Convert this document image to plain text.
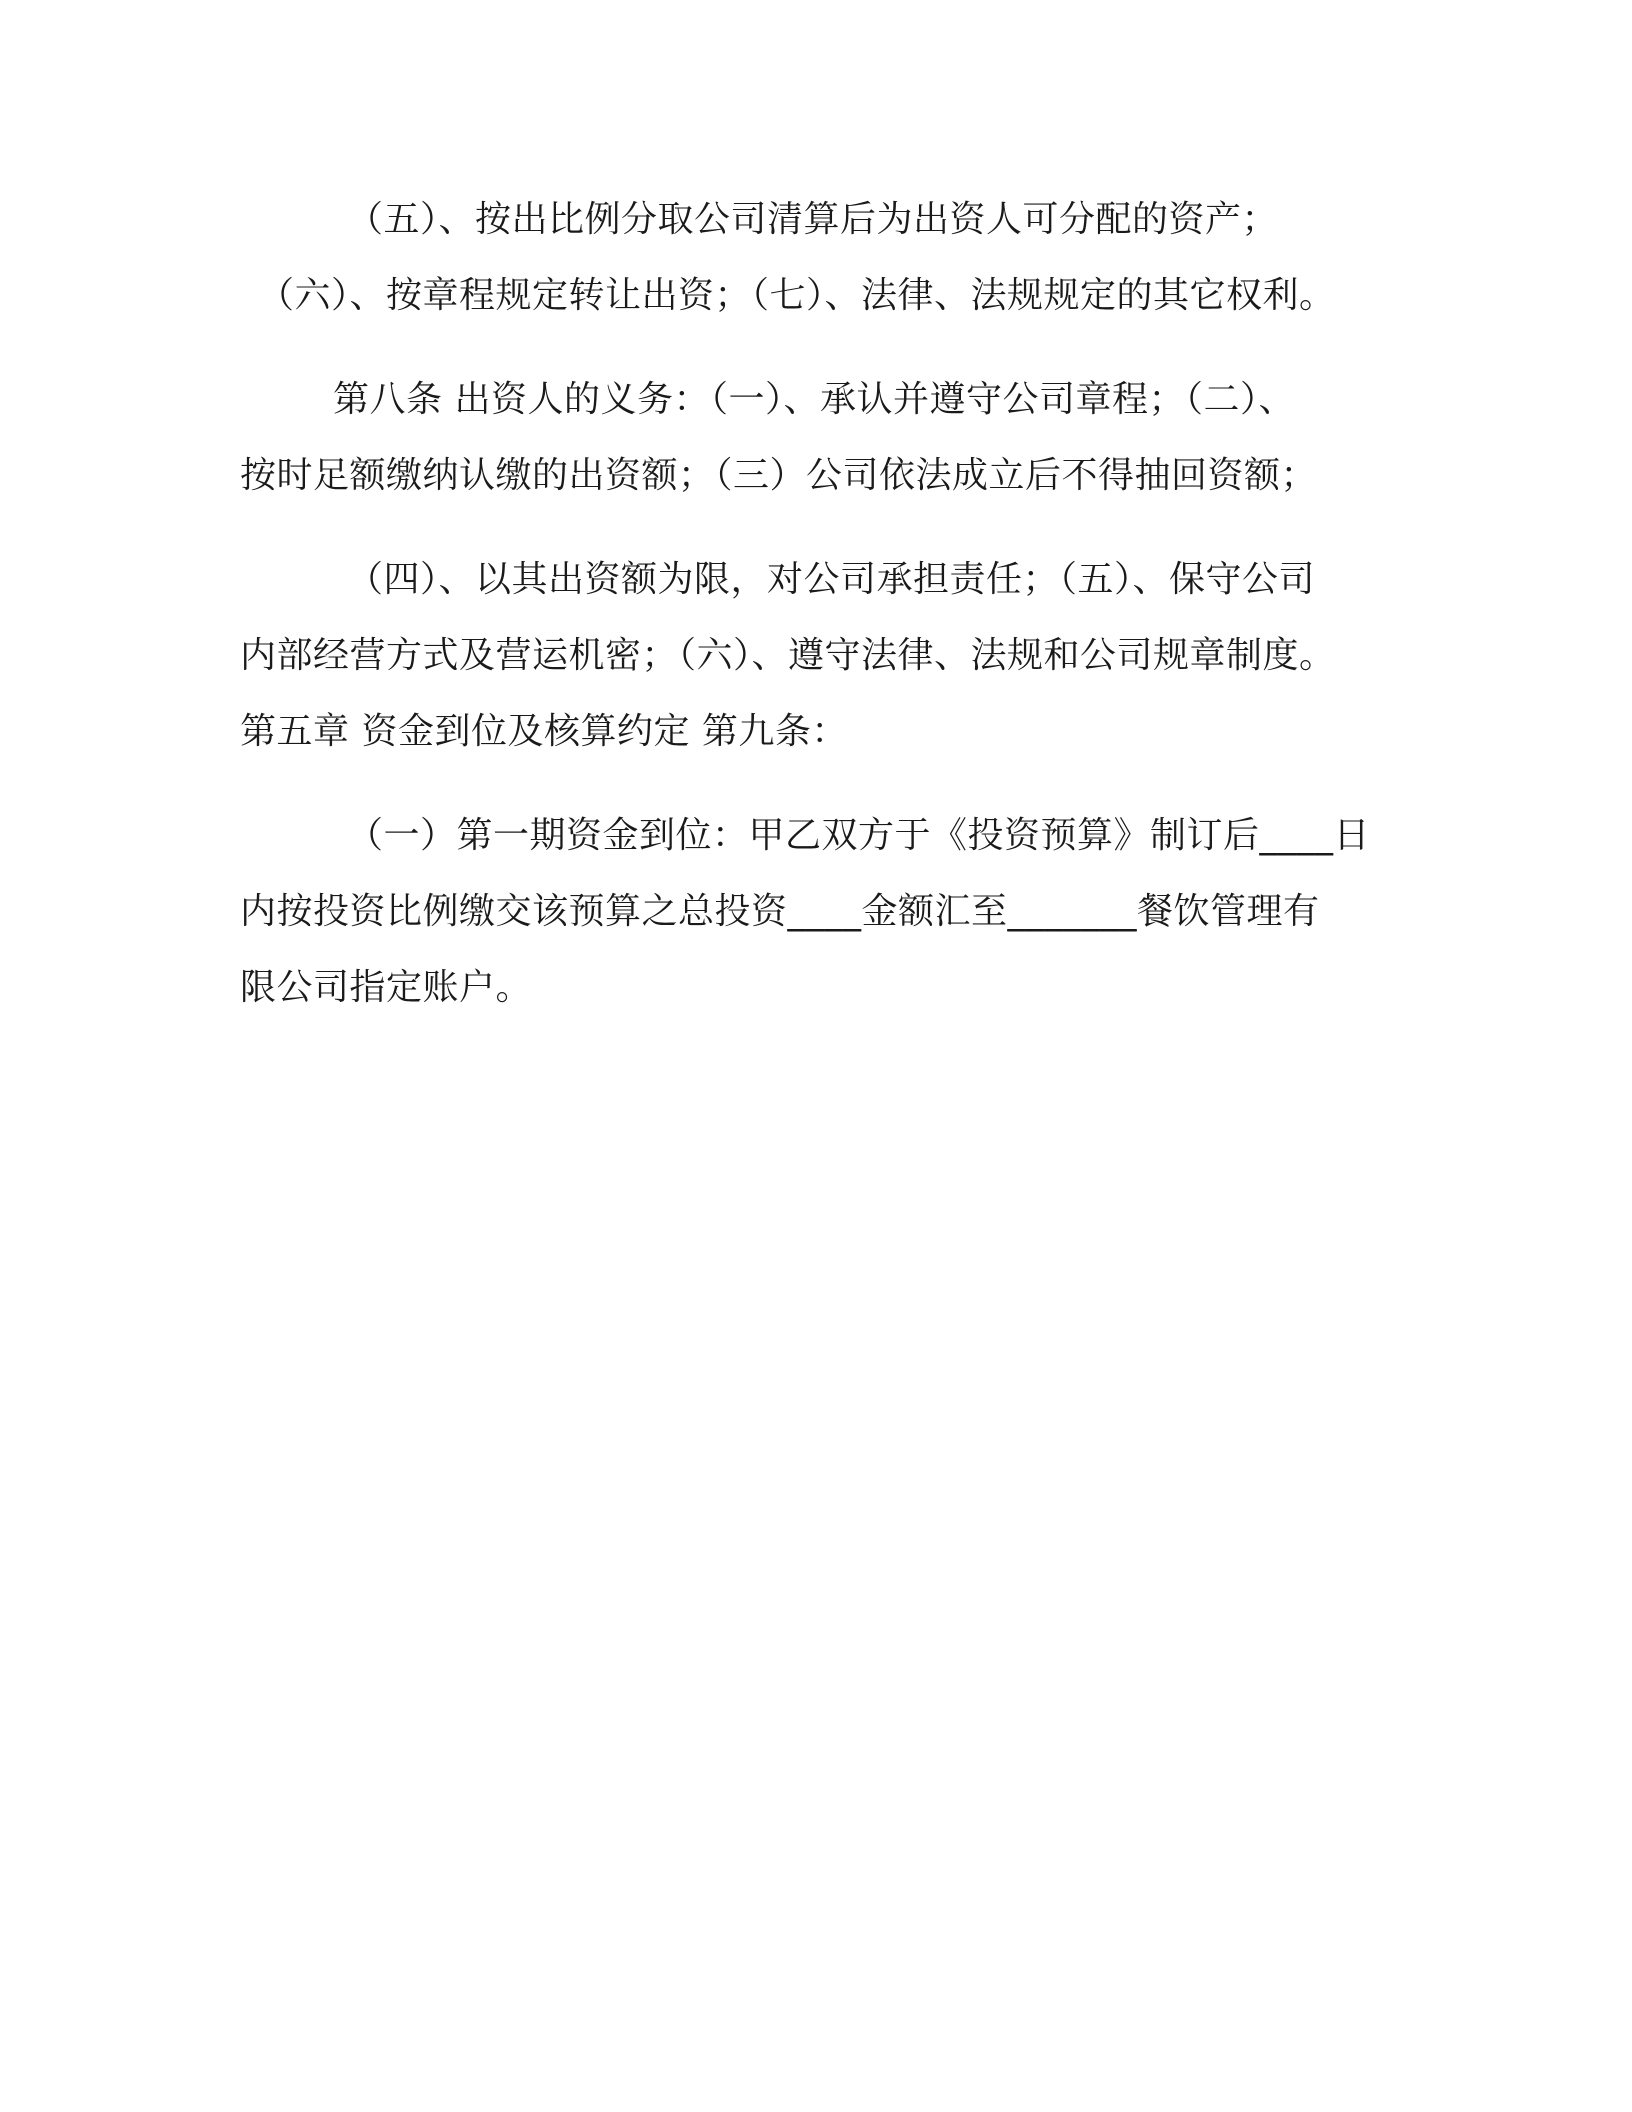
（五）、按出比例分取公司清算后为出资人可分配的资产；
（六）、按章程规定转让出资；（七）、法律、法规规定的其它权利。
第八条 出资人的义务：（一）、承认并遵守公司章程；（二）、
按时足额缴纳认缴的出资额；（三）公司依法成立后不得抽回资额；
（四）、以其出资额为限，对公司承担责任；（五）、保守公司
内部经营方式及营运机密；（六）、遵守法律、法规和公司规章制度。
第五章 资金到位及核算约定 第九条：
（一）第一期资金到位：甲乙双方于《投资预算》制订后____日
内按投资比例缴交该预算之总投资____金额汇至_______餐饮管理有
限公司指定账户。
